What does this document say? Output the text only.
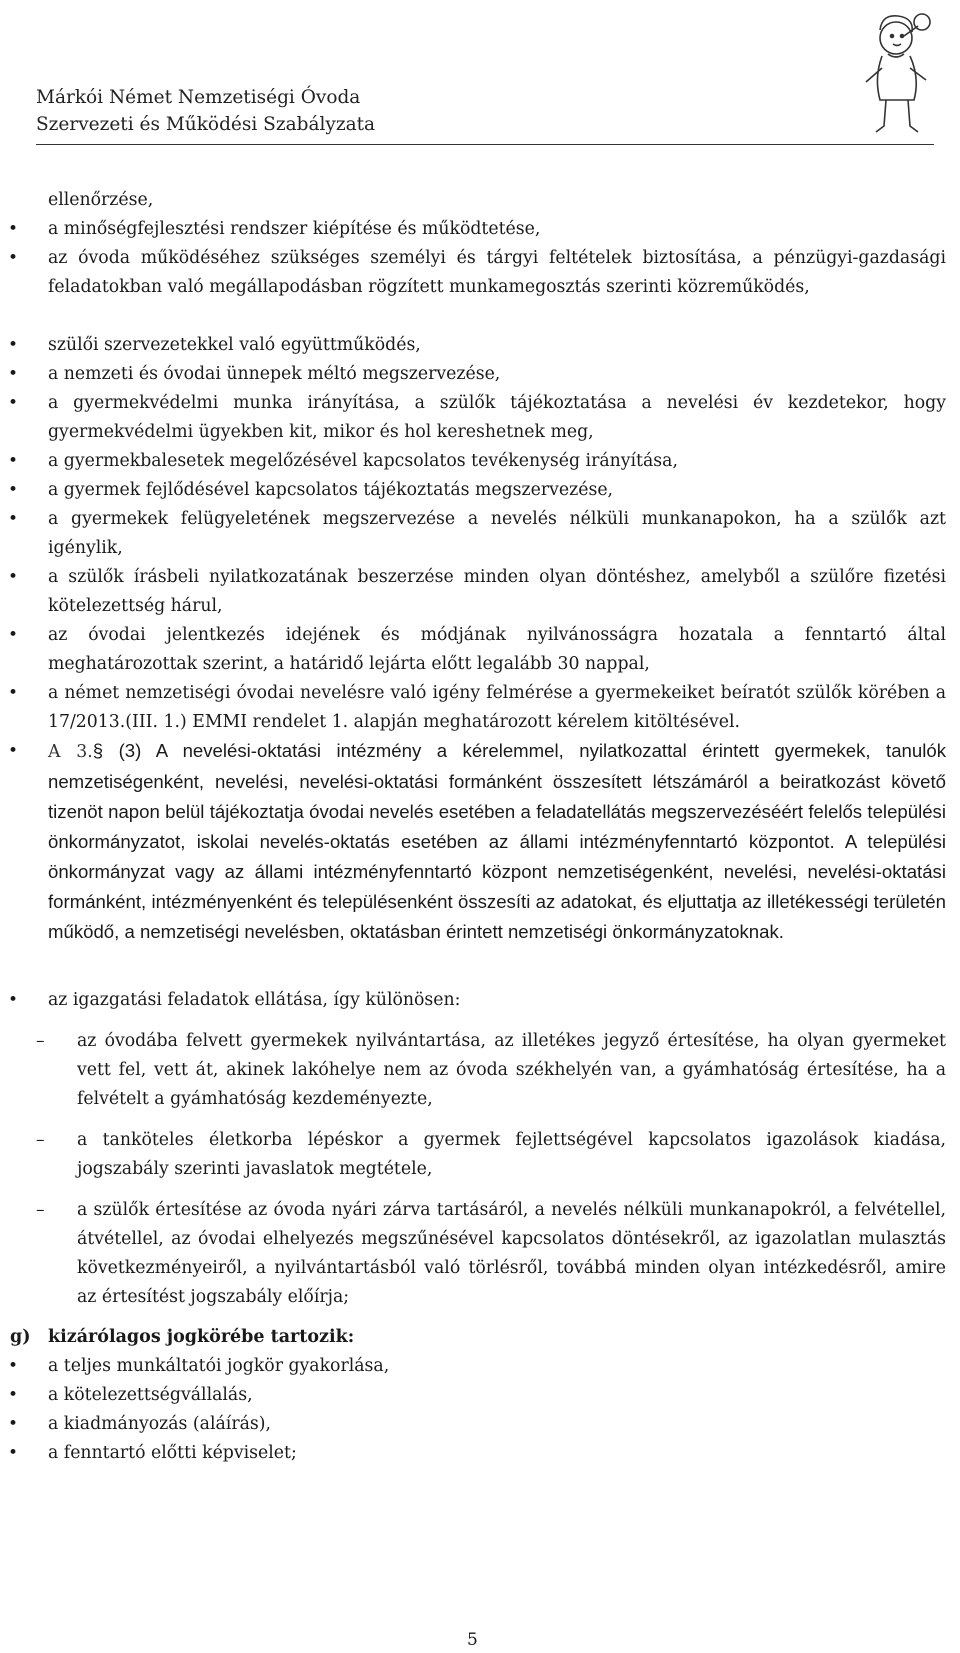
Márkói Német Nemzetiségi Óvoda
Szervezeti és Működési Szabályzata
ellenőrzése,
• a minőségfejlesztési rendszer kiépítése és működtetése,
• az óvoda működéséhez szükséges személyi és tárgyi feltételek biztosítása, a pénzügyi-gazdasági feladatokban való megállapodásban rögzített munkamegosztás szerinti közreműködés,
• szülői szervezetekkel való együttműködés,
• a nemzeti és óvodai ünnepek méltó megszervezése,
• a gyermekvédelmi munka irányítása, a szülők tájékoztatása a nevelési év kezdetekor, hogy gyermekvédelmi ügyekben kit, mikor és hol kereshetnek meg,
• a gyermekbalesetek megelőzésével kapcsolatos tevékenység irányítása,
• a gyermek fejlődésével kapcsolatos tájékoztatás megszervezése,
• a gyermekek felügyeletének megszervezése a nevelés nélküli munkanapokon, ha a szülők azt igénylik,
• a szülők írásbeli nyilatkozatának beszerzése minden olyan döntéshez, amelyből a szülőre fizetési kötelezettség hárul,
• az óvodai jelentkezés idejének és módjának nyilvánosságra hozatala a fenntartó által meghatározottak szerint, a határidő lejárta előtt legalább 30 nappal,
• a német nemzetiségi óvodai nevelésre való igény felmérése a gyermekeiket beíratót szülők körében a 17/2013.(III. 1.) EMMI rendelet 1. alapján meghatározott kérelem kitöltésével.
• A 3.§ (3) A nevelési-oktatási intézmény a kérelemmel, nyilatkozattal érintett gyermekek, tanulók nemzetiségenként, nevelési, nevelési-oktatási formánként összesített létszámáról a beiratkozást követő tizenöt napon belül tájékoztatja óvodai nevelés esetében a feladatellátás megszervezéséért felelős települési önkormányzatot, iskolai nevelés-oktatás esetében az állami intézményfenntartó központot. A települési önkormányzat vagy az állami intézményfenntartó központ nemzetiségenként, nevelési, nevelési-oktatási formánként, intézményenként és településenként összesíti az adatokat, és eljuttatja az illetékességi területén működő, a nemzetiségi nevelésben, oktatásban érintett nemzetiségi önkormányzatoknak.
• az igazgatási feladatok ellátása, így különösen:
– az óvodába felvett gyermekek nyilvántartása, az illetékes jegyző értesítése, ha olyan gyermeket vett fel, vett át, akinek lakóhelye nem az óvoda székhelyén van, a gyámhatóság értesítése, ha a felvételt a gyámhatóság kezdeményezte,
– a tanköteles életkorba lépéskor a gyermek fejlettségével kapcsolatos igazolások kiadása, jogszabály szerinti javaslatok megtétele,
– a szülők értesítése az óvoda nyári zárva tartásáról, a nevelés nélküli munkanapokról, a felvétellel, átvétellel, az óvodai elhelyezés megszűnésével kapcsolatos döntésekről, az igazolatlan mulasztás következményeiről, a nyilvántartásból való törlésről, továbbá minden olyan intézkedésről, amire az értesítést jogszabály előírja;
g) kizárólagos jogkörébe tartozik:
• a teljes munkáltatói jogkör gyakorlása,
• a kötelezettségvállalás,
• a kiadmányozás (aláírás),
• a fenntartó előtti képviselet;
5
